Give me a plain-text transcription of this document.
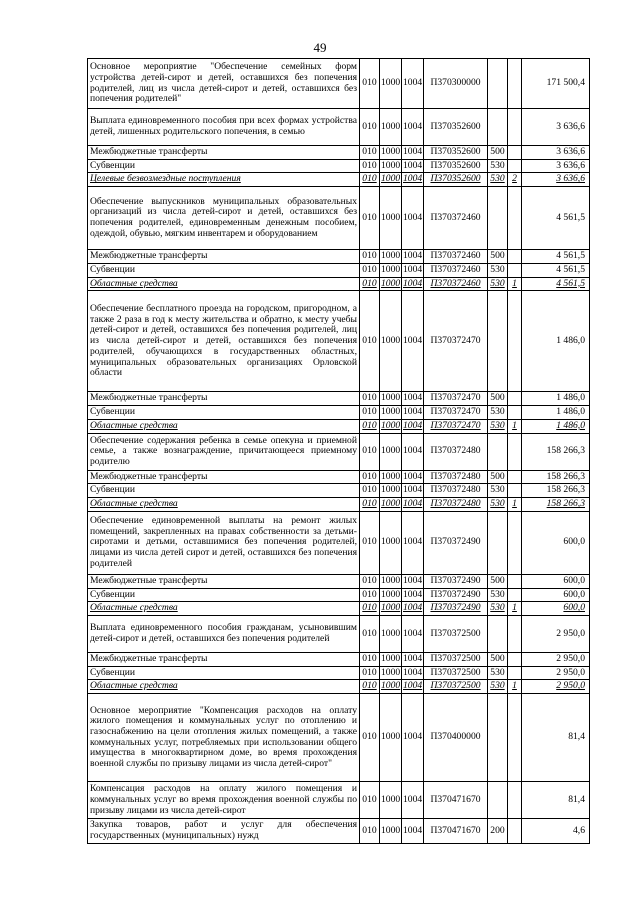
49
Основное мероприятие "Обеспечение семейных форм устройства детей-сирот и детей, оставшихся без попечения родителей, лиц из числа детей-сирот и детей, оставшихся без попечения родителей"	010	1000	1004	П370300000			171 500,4
Выплата единовременного пособия при всех формах устройства детей, лишенных родительского попечения, в семью	010	1000	1004	П370352600			3 636,6
Межбюджетные трансферты	010	1000	1004	П370352600	500		3 636,6
Субвенции	010	1000	1004	П370352600	530		3 636,6
Целевые безвозмездные поступления	010	1000	1004	П370352600	530	2	3 636,6
Обеспечение выпускников муниципальных образовательных организаций из числа детей-сирот и детей, оставшихся без попечения родителей, единовременным денежным пособием, одеждой, обувью, мягким инвентарем и оборудованием	010	1000	1004	П370372460			4 561,5
Межбюджетные трансферты	010	1000	1004	П370372460	500		4 561,5
Субвенции	010	1000	1004	П370372460	530		4 561,5
Областные средства	010	1000	1004	П370372460	530	1	4 561,5
Обеспечение бесплатного проезда на городском, пригородном, а также 2 раза в год к месту жительства и обратно, к месту учебы детей-сирот и детей, оставшихся без попечения родителей, лиц из числа детей-сирот и детей, оставшихся без попечения родителей, обучающихся в государственных областных, муниципальных образовательных организациях Орловской области	010	1000	1004	П370372470			1 486,0
Межбюджетные трансферты	010	1000	1004	П370372470	500		1 486,0
Субвенции	010	1000	1004	П370372470	530		1 486,0
Областные средства	010	1000	1004	П370372470	530	1	1 486,0
Обеспечение содержания ребенка в семье опекуна и приемной семье, а также вознаграждение, причитающееся приемному родителю	010	1000	1004	П370372480			158 266,3
Межбюджетные трансферты	010	1000	1004	П370372480	500		158 266,3
Субвенции	010	1000	1004	П370372480	530		158 266,3
Областные средства	010	1000	1004	П370372480	530	1	158 266,3
Обеспечение единовременной выплаты на ремонт жилых помещений, закрепленных на правах собственности за детьми-сиротами и детьми, оставшимися без попечения родителей, лицами из числа детей сирот и детей, оставшихся без попечения родителей	010	1000	1004	П370372490			600,0
Межбюджетные трансферты	010	1000	1004	П370372490	500		600,0
Субвенции	010	1000	1004	П370372490	530		600,0
Областные средства	010	1000	1004	П370372490	530	1	600,0
Выплата единовременного пособия гражданам, усыновившим детей-сирот и детей, оставшихся без попечения родителей	010	1000	1004	П370372500			2 950,0
Межбюджетные трансферты	010	1000	1004	П370372500	500		2 950,0
Субвенции	010	1000	1004	П370372500	530		2 950,0
Областные средства	010	1000	1004	П370372500	530	1	2 950,0
Основное мероприятие "Компенсация расходов на оплату жилого помещения и коммунальных услуг по отоплению и газоснабжению на цели отопления жилых помещений, а также коммунальных услуг, потребляемых при использовании общего имущества в многоквартирном доме, во время прохождения военной службы по призыву лицами из числа детей-сирот"	010	1000	1004	П370400000			81,4
Компенсация расходов на оплату жилого помещения и коммунальных услуг во время прохождения военной службы по призыву лицами из числа детей-сирот	010	1000	1004	П370471670			81,4
Закупка товаров, работ и услуг для обеспечения государственных (муниципальных) нужд	010	1000	1004	П370471670	200		4,6
